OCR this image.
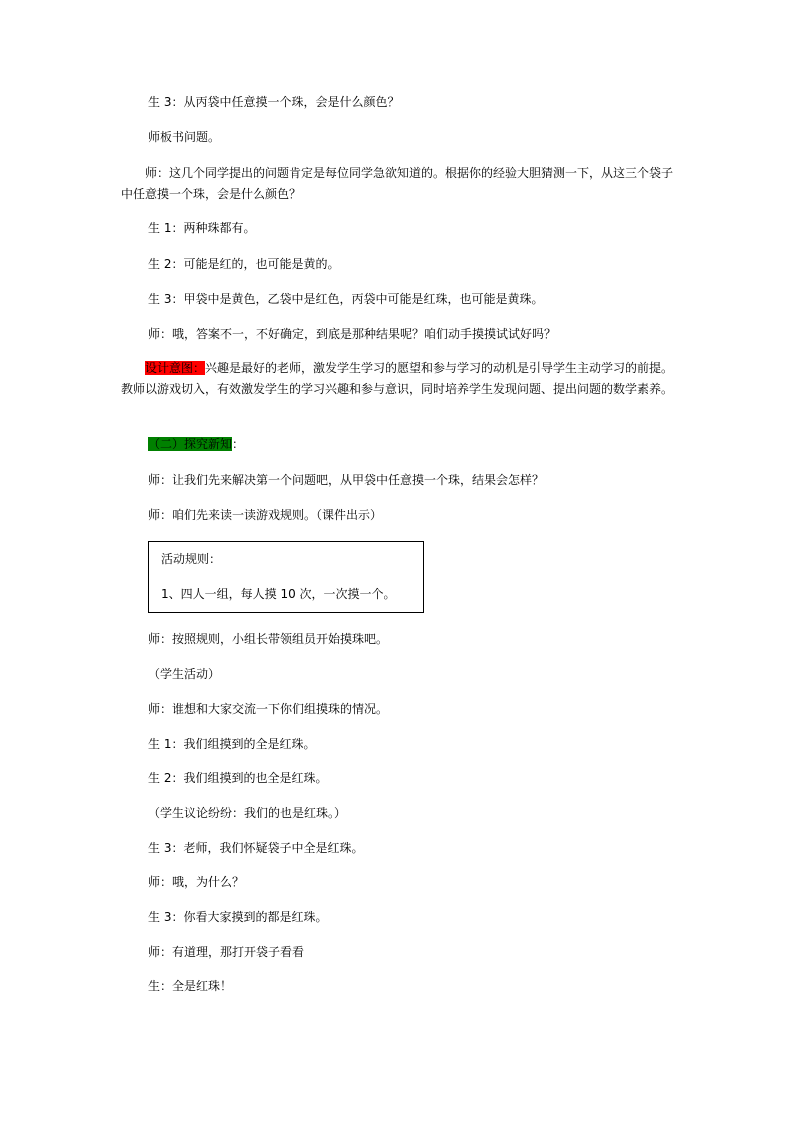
生 3：从丙袋中任意摸一个珠，会是什么颜色？
师板书问题。
师：这几个同学提出的问题肯定是每位同学急欲知道的。根据你的经验大胆猜测一下，从这三个袋子中任意摸一个珠，会是什么颜色？
生 1：两种珠都有。
生 2：可能是红的，也可能是黄的。
生 3：甲袋中是黄色，乙袋中是红色，丙袋中可能是红珠，也可能是黄珠。
师：哦，答案不一，不好确定，到底是那种结果呢？咱们动手摸摸试试好吗？
设计意图：兴趣是最好的老师，激发学生学习的愿望和参与学习的动机是引导学生主动学习的前提。教师以游戏切入，有效激发学生的学习兴趣和参与意识，同时培养学生发现问题、提出问题的数学素养。
（二）探究新知：
师：让我们先来解决第一个问题吧，从甲袋中任意摸一个珠，结果会怎样？
师：咱们先来读一读游戏规则。（课件出示）
活动规则：
1、四人一组，每人摸 10 次，一次摸一个。
师：按照规则，小组长带领组员开始摸珠吧。
（学生活动）
师：谁想和大家交流一下你们组摸珠的情况。
生 1：我们组摸到的全是红珠。
生 2：我们组摸到的也全是红珠。
（学生议论纷纷：我们的也是红珠。）
生 3：老师，我们怀疑袋子中全是红珠。
师：哦，为什么？
生 3：你看大家摸到的都是红珠。
师：有道理，那打开袋子看看
生：全是红珠！
